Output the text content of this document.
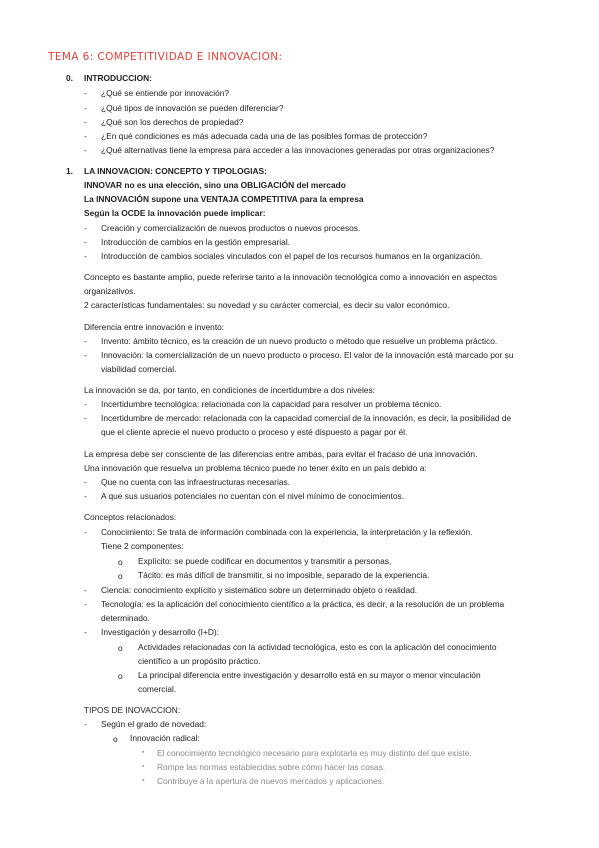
TEMA 6: COMPETITIVIDAD E INNOVACION:
0. INTRODUCCION:
- ¿Qué se entiende por innovación?
- ¿Qué tipos de innovación se pueden diferenciar?
- ¿Qué son los derechos de propiedad?
- ¿En qué condiciones es más adecuada cada una de las posibles formas de protección?
- ¿Qué alternativas tiene la empresa para acceder a las innovaciones generadas por otras organizaciones?
1. LA INNOVACION: CONCEPTO Y TIPOLOGIAS:
INNOVAR no es una elección, sino una OBLIGACIÓN del mercado
La INNOVACIÓN supone una VENTAJA COMPETITIVA para la empresa
Según la OCDE la innovación puede implicar:
- Creación y comercialización de nuevos productos o nuevos procesos.
- Introducción de cambios en la gestión empresarial.
- Introducción de cambios sociales vinculados con el papel de los recursos humanos en la organización.
Concepto es bastante amplio, puede referirse tanto a la innovación tecnológica como a innovación en aspectos
organizativos.
2 características fundamentales: su novedad y su carácter comercial, es decir su valor económico.
Diferencia entre innovación e invento:
- Invento: ámbito técnico, es la creación de un nuevo producto o método que resuelve un problema práctico.
- Innovación: la comercialización de un nuevo producto o proceso. El valor de la innovación está marcado por su
viabilidad comercial.
La innovación se da, por tanto, en condiciones de incertidumbre a dos niveles:
- Incertidumbre tecnológica: relacionada con la capacidad para resolver un problema técnico.
- Incertidumbre de mercado: relacionada con la capacidad comercial de la innovación, es decir, la posibilidad de
que el cliente aprecie el nuevo producto o proceso y esté dispuesto a pagar por él.
La empresa debe ser consciente de las diferencias entre ambas, para evitar el fracaso de una innovación.
Una innovación que resuelva un problema técnico puede no tener éxito en un país debido a:
- Que no cuenta con las infraestructuras necesarias.
- A que sus usuarios potenciales no cuentan con el nivel mínimo de conocimientos.
Conceptos relacionados:
- Conocimiento: Se trata de información combinada con la experiencia, la interpretación y la reflexión.
Tiene 2 componentes:
o Explícito: se puede codificar en documentos y transmitir a personas,
o Tácito: es más difícil de transmitir, si no imposible, separado de la experiencia.
- Ciencia: conocimiento explícito y sistemático sobre un determinado objeto o realidad.
- Tecnología: es la aplicación del conocimiento científico a la práctica, es decir, a la resolución de un problema
determinado.
- Investigación y desarrollo (I+D):
o Actividades relacionadas con la actividad tecnológica, esto es con la aplicación del conocimiento
científico a un propósito práctico.
o La principal diferencia entre investigación y desarrollo está en su mayor o menor vinculación
comercial.
TIPOS DE INOVACCION:
- Según el grado de novedad:
o Innovación radical:
▪ El conocimiento tecnológico necesario para explotarla es muy distinto del que existe.
▪ Rompe las normas establecidas sobre cómo hacer las cosas.
▪ Contribuye a la apertura de nuevos mercados y aplicaciones.
